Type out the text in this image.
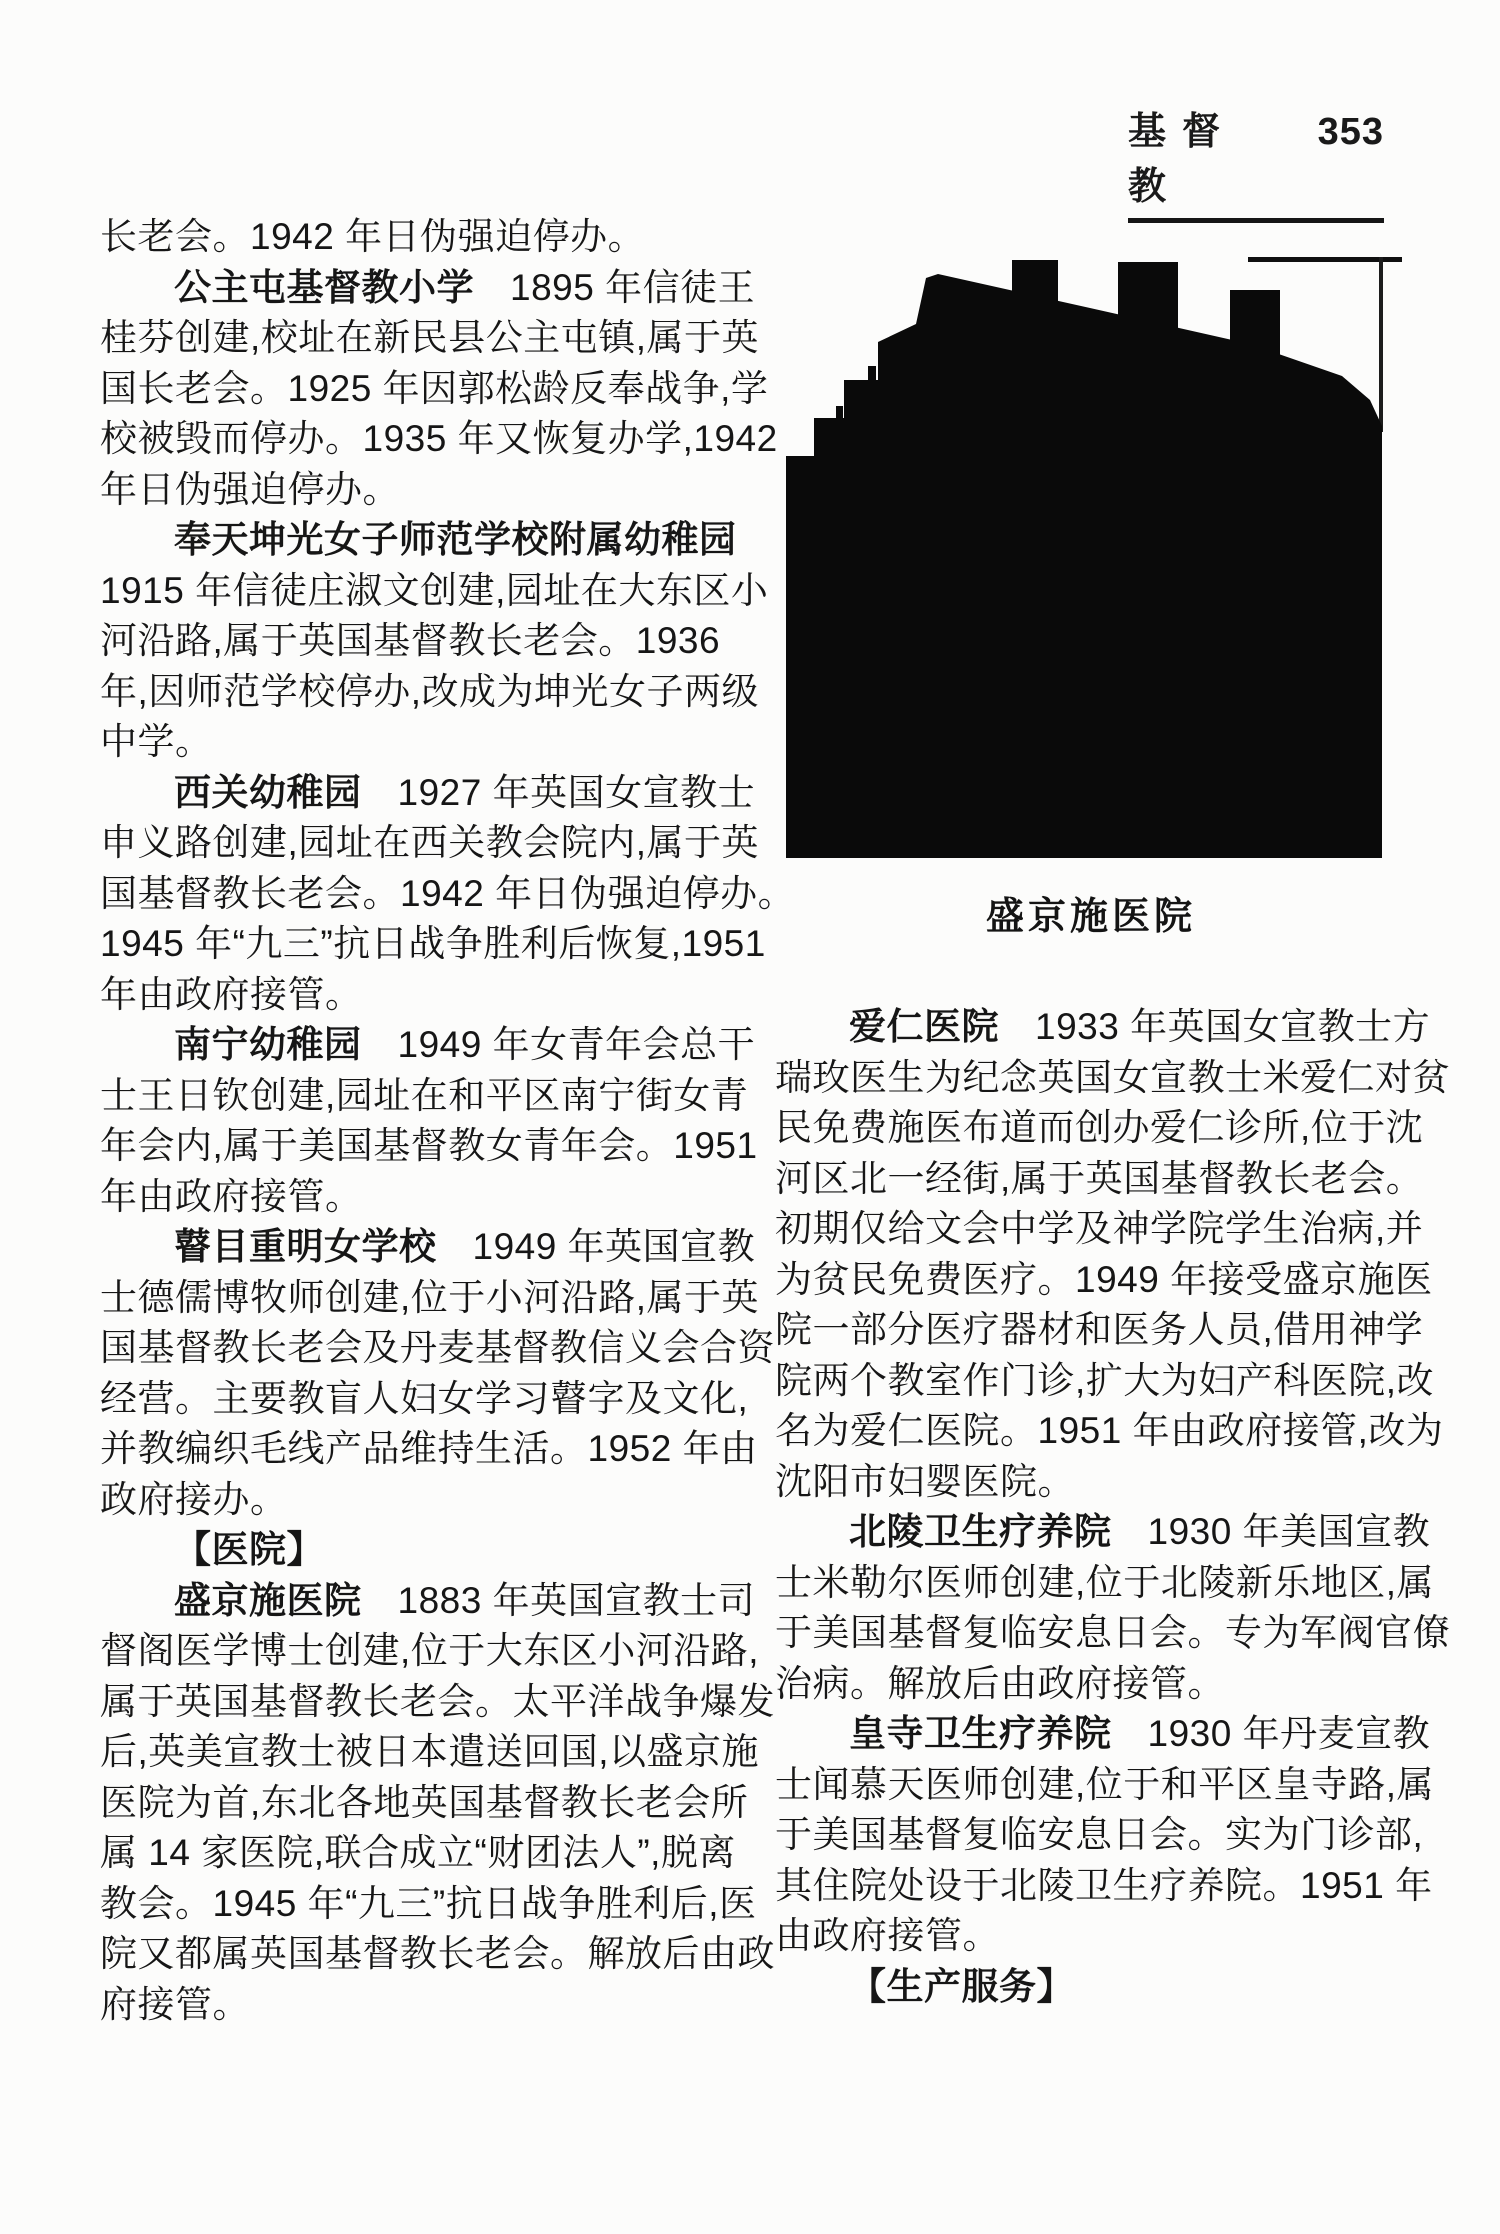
基督教
353
盛京施医院
长老会。1942 年日伪强迫停办。
公主屯基督教小学 1895 年信徒王
桂芬创建,校址在新民县公主屯镇,属于英
国长老会。1925 年因郭松龄反奉战争,学
校被毁而停办。1935 年又恢复办学,1942
年日伪强迫停办。
奉天坤光女子师范学校附属幼稚园
1915 年信徒庄淑文创建,园址在大东区小
河沿路,属于英国基督教长老会。1936
年,因师范学校停办,改成为坤光女子两级
中学。
西关幼稚园 1927 年英国女宣教士
申义路创建,园址在西关教会院内,属于英
国基督教长老会。1942 年日伪强迫停办。
1945 年“九三”抗日战争胜利后恢复,1951
年由政府接管。
南宁幼稚园 1949 年女青年会总干
士王日钦创建,园址在和平区南宁街女青
年会内,属于美国基督教女青年会。1951
年由政府接管。
瞽目重明女学校 1949 年英国宣教
士德儒博牧师创建,位于小河沿路,属于英
国基督教长老会及丹麦基督教信义会合资
经营。主要教盲人妇女学习瞽字及文化,
并教编织毛线产品维持生活。1952 年由
政府接办。
【医院】
盛京施医院 1883 年英国宣教士司
督阁医学博士创建,位于大东区小河沿路,
属于英国基督教长老会。太平洋战争爆发
后,英美宣教士被日本遣送回国,以盛京施
医院为首,东北各地英国基督教长老会所
属 14 家医院,联合成立“财团法人”,脱离
教会。1945 年“九三”抗日战争胜利后,医
院又都属英国基督教长老会。解放后由政
府接管。
爱仁医院 1933 年英国女宣教士方
瑞玫医生为纪念英国女宣教士米爱仁对贫
民免费施医布道而创办爱仁诊所,位于沈
河区北一经街,属于英国基督教长老会。
初期仅给文会中学及神学院学生治病,并
为贫民免费医疗。1949 年接受盛京施医
院一部分医疗器材和医务人员,借用神学
院两个教室作门诊,扩大为妇产科医院,改
名为爱仁医院。1951 年由政府接管,改为
沈阳市妇婴医院。
北陵卫生疗养院 1930 年美国宣教
士米勒尔医师创建,位于北陵新乐地区,属
于美国基督复临安息日会。专为军阀官僚
治病。解放后由政府接管。
皇寺卫生疗养院 1930 年丹麦宣教
士闻慕天医师创建,位于和平区皇寺路,属
于美国基督复临安息日会。实为门诊部,
其住院处设于北陵卫生疗养院。1951 年
由政府接管。
【生产服务】
